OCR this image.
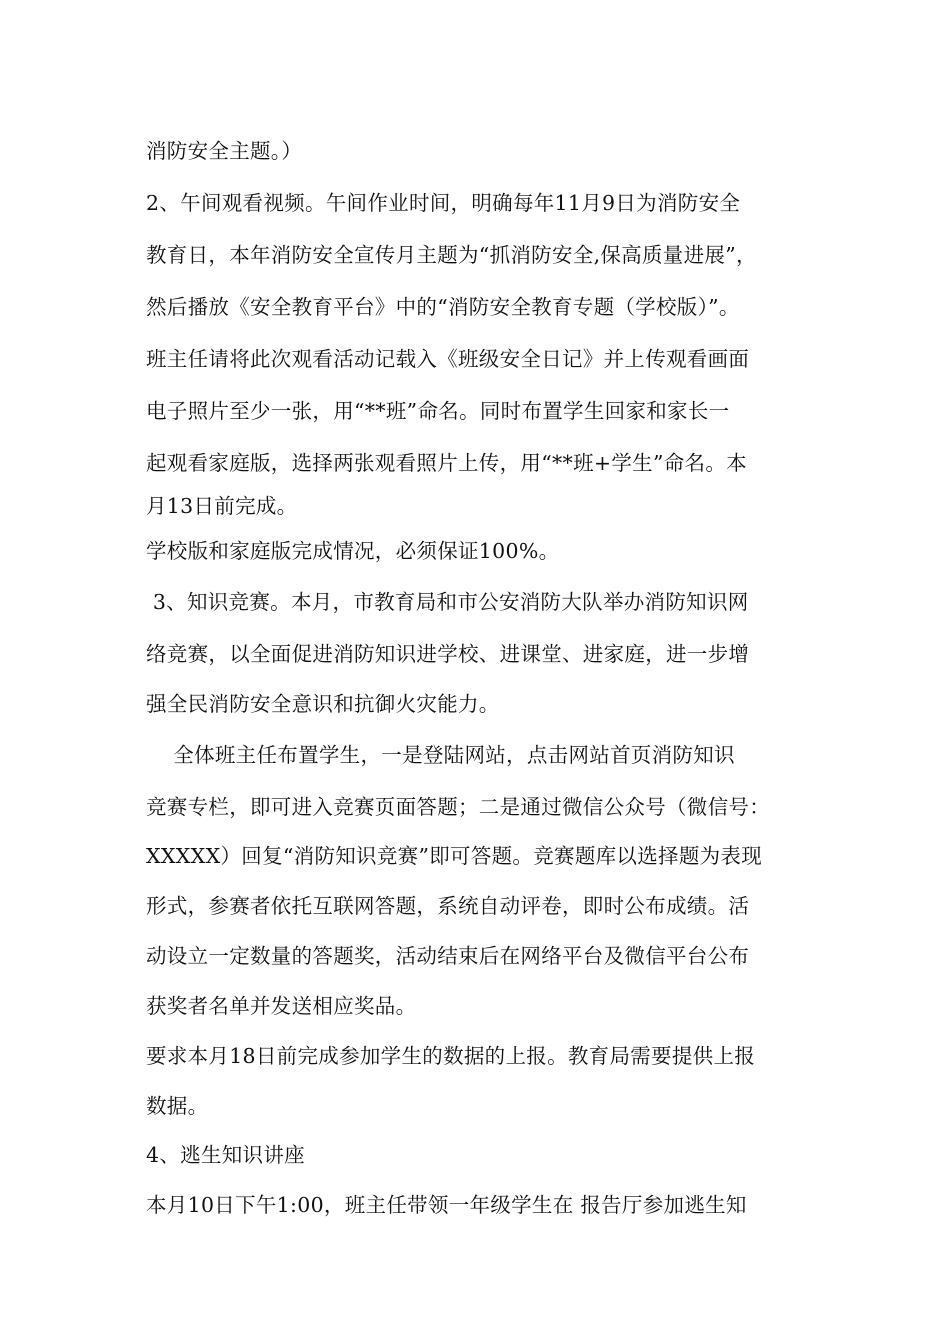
消防安全主题。）
2、午间观看视频。午间作业时间，明确每年11月9日为消防安全
教育日，本年消防安全宣传月主题为“抓消防安全,保高质量进展”，
然后播放《安全教育平台》中的“消防安全教育专题（学校版）”。
班主任请将此次观看活动记载入《班级安全日记》并上传观看画面
电子照片至少一张，用“**班”命名。同时布置学生回家和家长一
起观看家庭版，选择两张观看照片上传，用“**班+学生”命名。本
月13日前完成。
学校版和家庭版完成情况，必须保证100%。
3、知识竞赛。本月，市教育局和市公安消防大队举办消防知识网
络竞赛，以全面促进消防知识进学校、进课堂、进家庭，进一步增
强全民消防安全意识和抗御火灾能力。
全体班主任布置学生，一是登陆网站，点击网站首页消防知识
竞赛专栏，即可进入竞赛页面答题；二是通过微信公众号（微信号：
XXXXX）回复“消防知识竞赛”即可答题。竞赛题库以选择题为表现
形式，参赛者依托互联网答题，系统自动评卷，即时公布成绩。活
动设立一定数量的答题奖，活动结束后在网络平台及微信平台公布
获奖者名单并发送相应奖品。
要求本月18日前完成参加学生的数据的上报。教育局需要提供上报
数据。
4、逃生知识讲座
本月10日下午1:00，班主任带领一年级学生在 报告厅参加逃生知
